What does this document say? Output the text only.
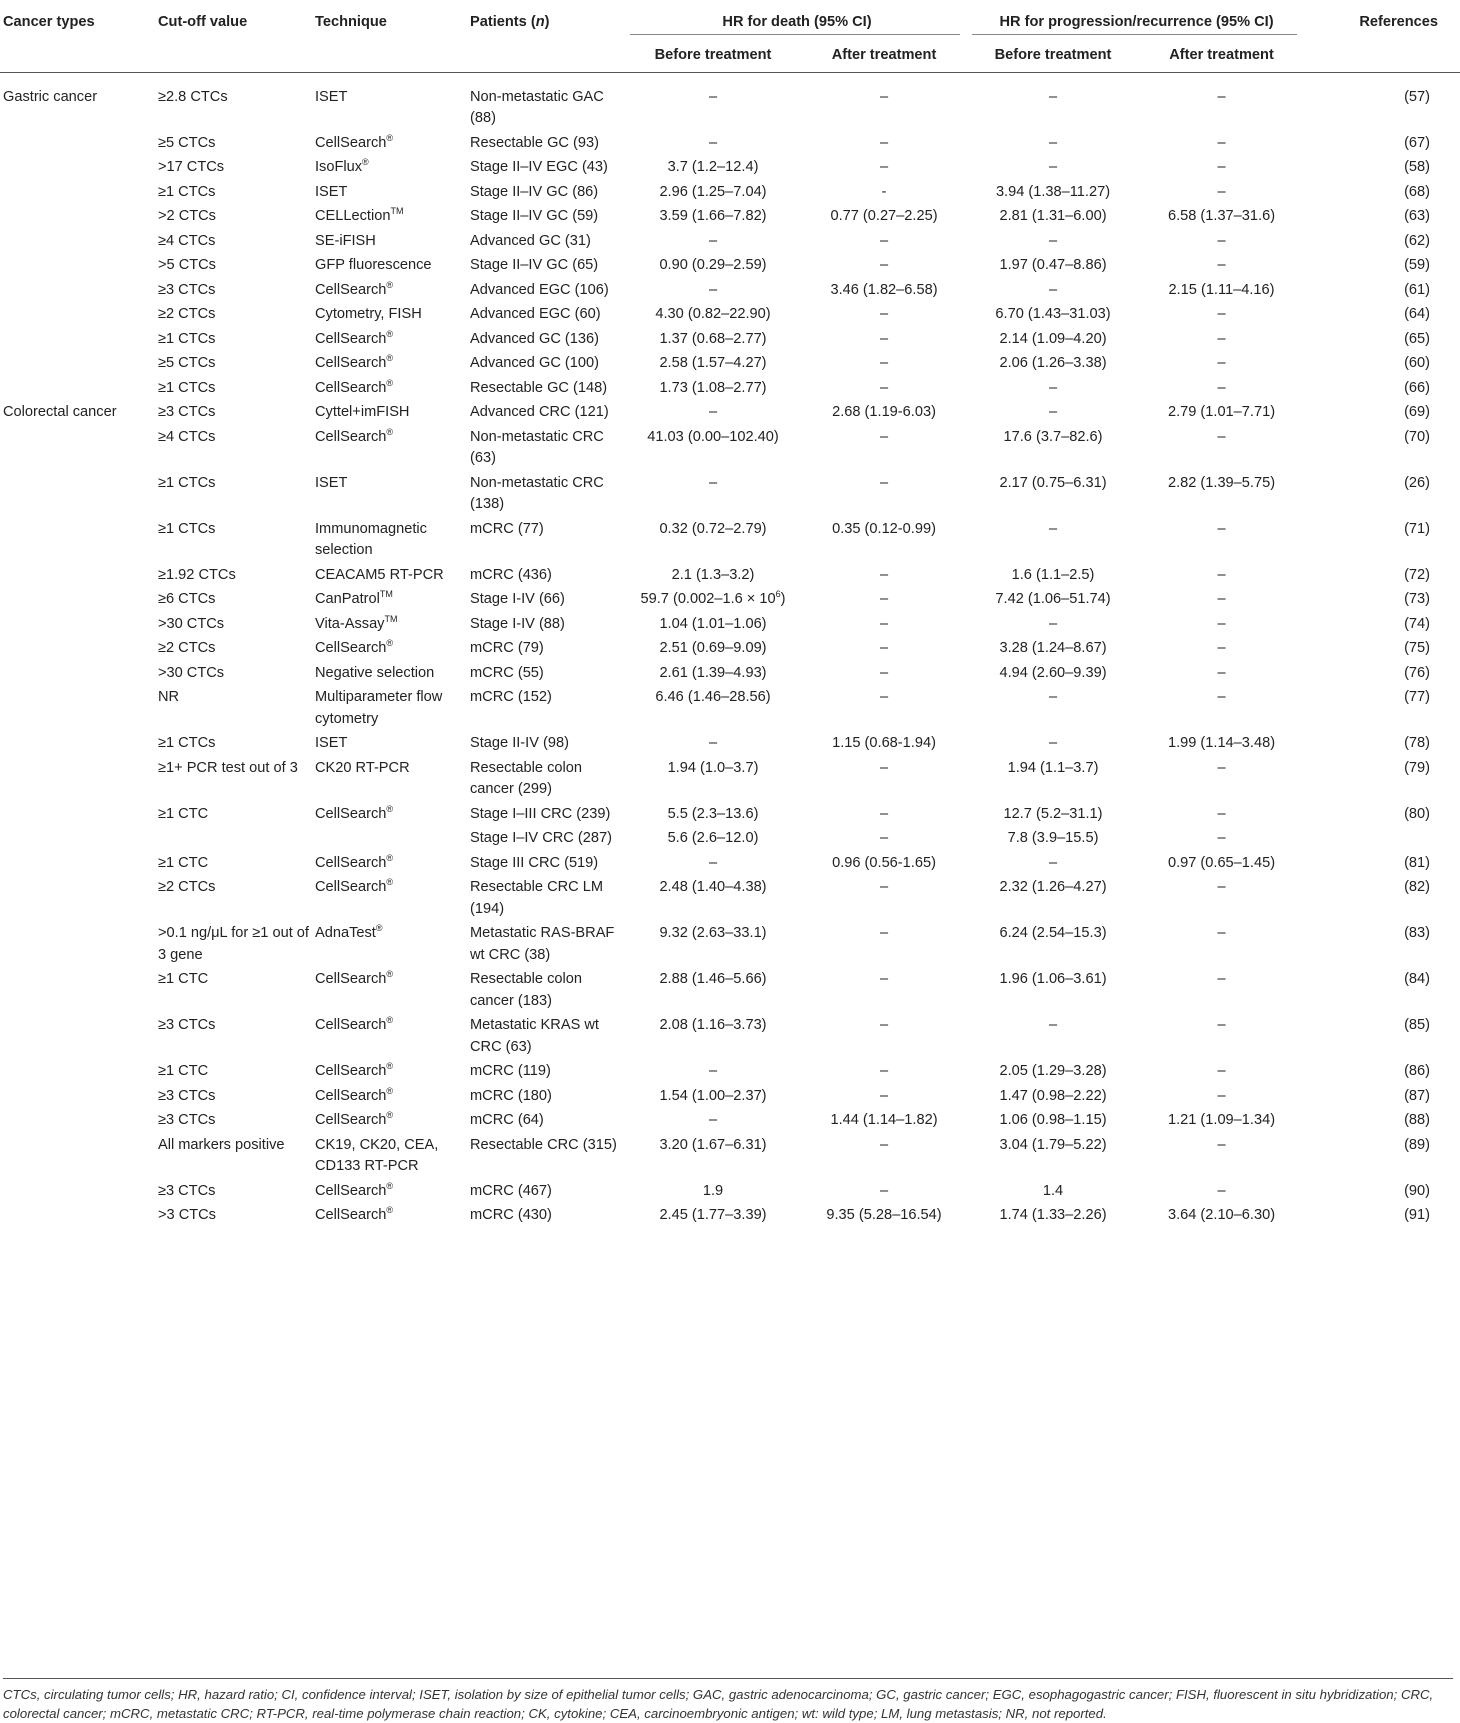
Cancer types	Cut-off value	Technique	Patients (n)	HR for death (95% CI)		HR for progression/recurrence (95% CI)		References
				Before treatment	After treatment	Before treatment	After treatment	
Gastric cancer	≥2.8 CTCs	ISET	Non-metastatic GAC (88)	–	–	–	–	(57)
	≥5 CTCs	CellSearch®	Resectable GC (93)	–	–	–	–	(67)
	>17 CTCs	IsoFlux®	Stage II–IV EGC (43)	3.7 (1.2–12.4)	–	–	–	(58)
	≥1 CTCs	ISET	Stage II–IV GC (86)	2.96 (1.25–7.04)	-	3.94 (1.38–11.27)	–	(68)
	>2 CTCs	CELLection™	Stage II–IV GC (59)	3.59 (1.66–7.82)	0.77 (0.27–2.25)	2.81 (1.31–6.00)	6.58 (1.37–31.6)	(63)
	≥4 CTCs	SE-iFISH	Advanced GC (31)	–	–	–	–	(62)
	>5 CTCs	GFP fluorescence	Stage II–IV GC (65)	0.90 (0.29–2.59)	–	1.97 (0.47–8.86)	–	(59)
	≥3 CTCs	CellSearch®	Advanced EGC (106)	–	3.46 (1.82–6.58)	–	2.15 (1.11–4.16)	(61)
	≥2 CTCs	Cytometry, FISH	Advanced EGC (60)	4.30 (0.82–22.90)	–	6.70 (1.43–31.03)	–	(64)
	≥1 CTCs	CellSearch®	Advanced GC (136)	1.37 (0.68–2.77)	–	2.14 (1.09–4.20)	–	(65)
	≥5 CTCs	CellSearch®	Advanced GC (100)	2.58 (1.57–4.27)	–	2.06 (1.26–3.38)	–	(60)
	≥1 CTCs	CellSearch®	Resectable GC (148)	1.73 (1.08–2.77)	–	–	–	(66)
Colorectal cancer	≥3 CTCs	Cyttel+imFISH	Advanced CRC (121)	–	2.68 (1.19-6.03)	–	2.79 (1.01–7.71)	(69)
	≥4 CTCs	CellSearch®	Non-metastatic CRC (63)	41.03 (0.00–102.40)	–	17.6 (3.7–82.6)	–	(70)
	≥1 CTCs	ISET	Non-metastatic CRC (138)	–	–	2.17 (0.75–6.31)	2.82 (1.39–5.75)	(26)
	≥1 CTCs	Immunomagnetic selection	mCRC (77)	0.32 (0.72–2.79)	0.35 (0.12-0.99)	–	–	(71)
	≥1.92 CTCs	CEACAM5 RT-PCR	mCRC (436)	2.1 (1.3–3.2)	–	1.6 (1.1–2.5)	–	(72)
	≥6 CTCs	CanPatrol™	Stage I-IV (66)	59.7 $(0.002-1.6 \times 10^6)$	–	7.42 (1.06–51.74)	–	(73)
	>30 CTCs	Vita-Assay™	Stage I-IV (88)	1.04 (1.01–1.06)	–	–	–	(74)
	≥2 CTCs	CellSearch®	mCRC (79)	2.51 (0.69–9.09)	–	3.28 (1.24–8.67)	–	(75)
	>30 CTCs	Negative selection	mCRC (55)	2.61 (1.39–4.93)	–	4.94 (2.60–9.39)	–	(76)
	NR	Multiparameter flow cytometry	mCRC (152)	6.46 (1.46–28.56)	–	–	–	(77)
	≥1 CTCs	ISET	Stage II-IV (98)	–	1.15 (0.68-1.94)	–	1.99 (1.14–3.48)	(78)
	≥1+ PCR test out of 3	CK20 RT-PCR	Resectable colon cancer (299)	1.94 (1.0–3.7)	–	1.94 (1.1–3.7)	–	(79)
	≥1 CTC	CellSearch®	Stage I–III CRC (239)	5.5 (2.3–13.6)	–	12.7 (5.2–31.1)	–	(80)
			Stage I–IV CRC (287)	5.6 (2.6–12.0)	–	7.8 (3.9–15.5)	–	
	≥1 CTC	CellSearch®	Stage III CRC (519)	–	0.96 (0.56-1.65)	–	0.97 (0.65–1.45)	(81)
	≥2 CTCs	CellSearch®	Resectable CRC LM (194)	2.48 (1.40–4.38)	–	2.32 (1.26–4.27)	–	(82)
	>0.1 ng/μL for ≥1 out of 3 gene	AdnaTest®	Metastatic RAS-BRAF wt CRC (38)	9.32 (2.63–33.1)	–	6.24 (2.54–15.3)	–	(83)
	≥1 CTC	CellSearch®	Resectable colon cancer (183)	2.88 (1.46–5.66)	–	1.96 (1.06–3.61)	–	(84)
	≥3 CTCs	CellSearch®	Metastatic KRAS wt CRC (63)	2.08 (1.16–3.73)	–	–	–	(85)
	≥1 CTC	CellSearch®	mCRC (119)	–	–	2.05 (1.29–3.28)	–	(86)
	≥3 CTCs	CellSearch®	mCRC (180)	1.54 (1.00–2.37)	–	1.47 (0.98–2.22)	–	(87)
	≥3 CTCs	CellSearch®	mCRC (64)	–	1.44 (1.14–1.82)	1.06 (0.98–1.15)	1.21 (1.09–1.34)	(88)
	All markers positive	CK19, CK20, CEA, CD133 RT-PCR	Resectable CRC (315)	3.20 (1.67–6.31)	–	3.04 (1.79–5.22)	–	(89)
	≥3 CTCs	CellSearch®	mCRC (467)	1.9	–	1.4	–	(90)
	>3 CTCs	CellSearch®	mCRC (430)	2.45 (1.77–3.39)	9.35 (5.28–16.54)	1.74 (1.33–2.26)	3.64 (2.10–6.30)	(91)
CTCs, circulating tumor cells; HR, hazard ratio; CI, confidence interval; ISET, isolation by size of epithelial tumor cells; GAC, gastric adenocarcinoma; GC, gastric cancer; EGC, esophagogastric cancer; FISH, fluorescent in situ hybridization; CRC, colorectal cancer; mCRC, metastatic CRC; RT-PCR, real-time polymerase chain reaction; CK, cytokine; CEA, carcinoembryonic antigen; wt: wild type; LM, lung metastasis; NR, not reported.
